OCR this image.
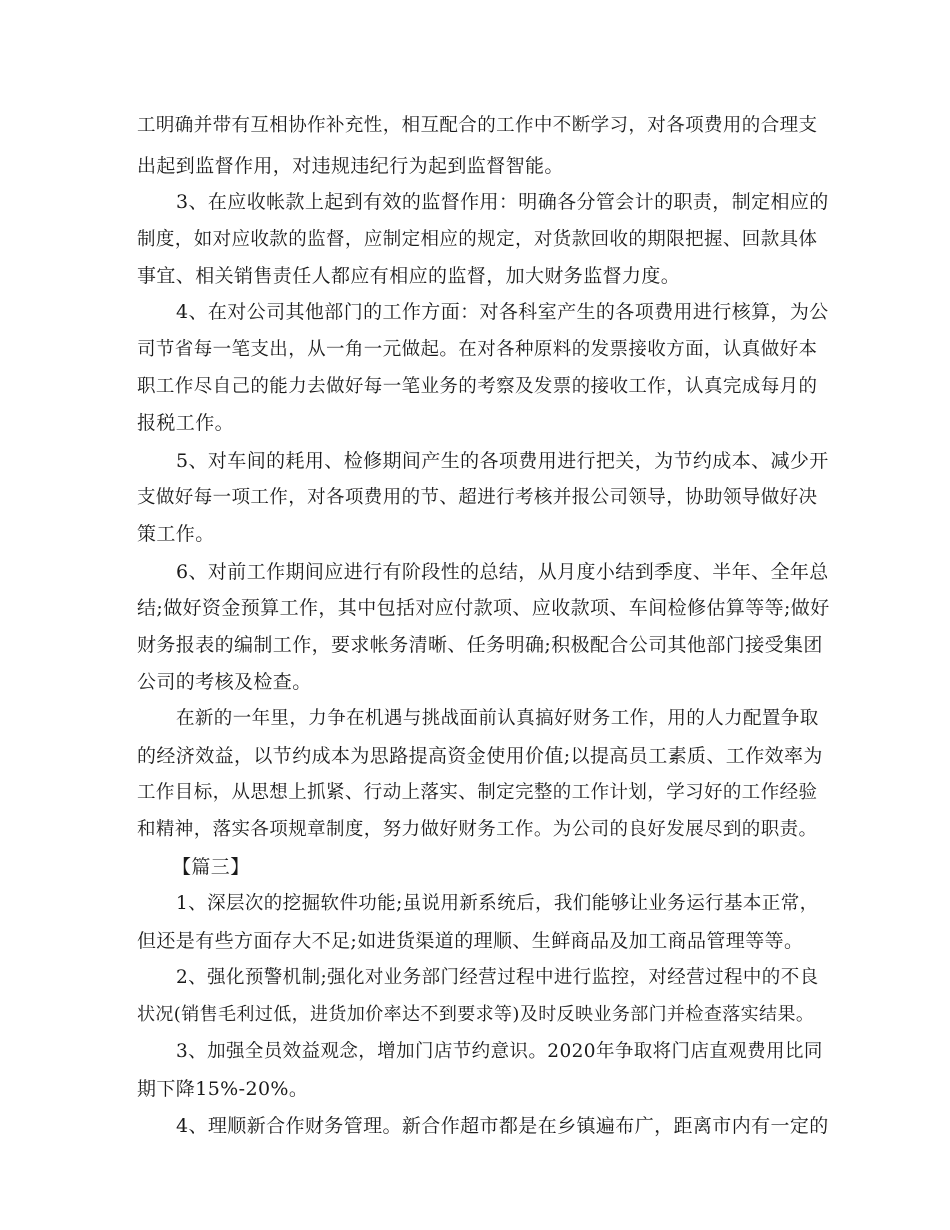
工明确并带有互相协作补充性，相互配合的工作中不断学习，对各项费用的合理支

出起到监督作用，对违规违纪行为起到监督智能。

3、在应收帐款上起到有效的监督作用：明确各分管会计的职责，制定相应的

制度，如对应收款的监督，应制定相应的规定，对货款回收的期限把握、回款具体

事宜、相关销售责任人都应有相应的监督，加大财务监督力度。

4、在对公司其他部门的工作方面：对各科室产生的各项费用进行核算，为公

司节省每一笔支出，从一角一元做起。在对各种原料的发票接收方面，认真做好本

职工作尽自己的能力去做好每一笔业务的考察及发票的接收工作，认真完成每月的

报税工作。

5、对车间的耗用、检修期间产生的各项费用进行把关，为节约成本、减少开

支做好每一项工作，对各项费用的节、超进行考核并报公司领导，协助领导做好决

策工作。

6、对前工作期间应进行有阶段性的总结，从月度小结到季度、半年、全年总

结;做好资金预算工作，其中包括对应付款项、应收款项、车间检修估算等等;做好

财务报表的编制工作，要求帐务清晰、任务明确;积极配合公司其他部门接受集团

公司的考核及检查。

在新的一年里，力争在机遇与挑战面前认真搞好财务工作，用的人力配置争取

的经济效益，以节约成本为思路提高资金使用价值;以提高员工素质、工作效率为

工作目标，从思想上抓紧、行动上落实、制定完整的工作计划，学习好的工作经验

和精神，落实各项规章制度，努力做好财务工作。为公司的良好发展尽到的职责。

【篇三】

1、深层次的挖掘软件功能;虽说用新系统后，我们能够让业务运行基本正常，

但还是有些方面存大不足;如进货渠道的理顺、生鲜商品及加工商品管理等等。

2、强化预警机制;强化对业务部门经营过程中进行监控，对经营过程中的不良

状况(销售毛利过低，进货加价率达不到要求等)及时反映业务部门并检查落实结果。

3、加强全员效益观念，增加门店节约意识。2020年争取将门店直观费用比同

期下降15%-20%。

4、理顺新合作财务管理。新合作超市都是在乡镇遍布广，距离市内有一定的
